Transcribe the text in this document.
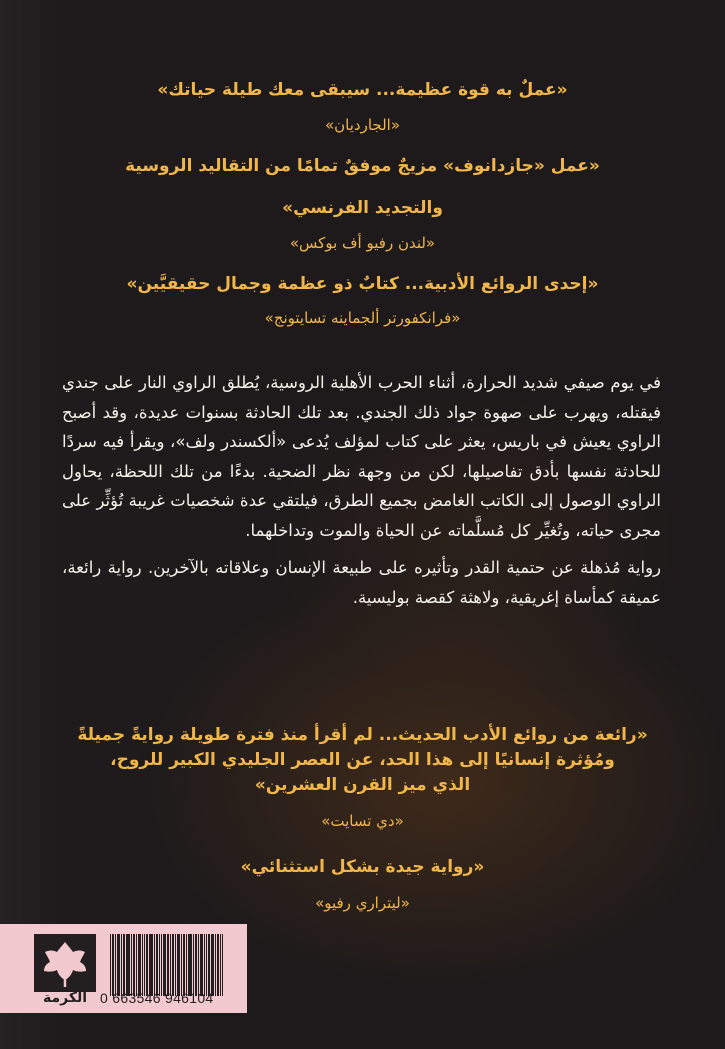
«عملٌ به قوة عظيمة... سيبقى معك طيلة حياتك»
«الجارديان»
«عمل «جازدانوف» مزيجٌ موفقٌ تمامًا من التقاليد الروسية
والتجديد الفرنسي»
«لندن رفيو أف بوكس»
«إحدى الروائع الأدبية... كتابٌ ذو عظمة وجمال حقيقيَّين»
«فرانكفورتر ألجماينه تسايتونج»

في يوم صيفي شديد الحرارة، أثناء الحرب الأهلية الروسية، يُطلق الراوي النار على جندي فيقتله، ويهرب على صهوة جواد ذلك الجندي. بعد تلك الحادثة بسنوات عديدة، وقد أصبح الراوي يعيش في باريس، يعثر على كتاب لمؤلف يُدعى «ألكسندر ولف»، ويقرأ فيه سردًا للحادثة نفسها بأدق تفاصيلها، لكن من وجهة نظر الضحية. بدءًا من تلك اللحظة، يحاول الراوي الوصول إلى الكاتب الغامض بجميع الطرق، فيلتقي عدة شخصيات غريبة تُؤثِّر على مجرى حياته، وتُغيِّر كل مُسلَّماته عن الحياة والموت وتداخلهما.

رواية مُذهلة عن حتمية القدر وتأثيره على طبيعة الإنسان وعلاقاته بالآخرين. رواية رائعة، عميقة كمأساة إغريقية، ولاهثة كقصة بوليسية.

«رائعة من روائع الأدب الحديث... لم أقرأ منذ فترة طويلة روايةً جميلةً
ومُؤثرة إنسانيًا إلى هذا الحد، عن العصر الجليدي الكبير للروح،
الذي ميز القرن العشرين»
«دي تسايت»
«رواية جيدة بشكل استثنائي»
«ليتراري رفيو»
الكرمة 0 663546 946104
